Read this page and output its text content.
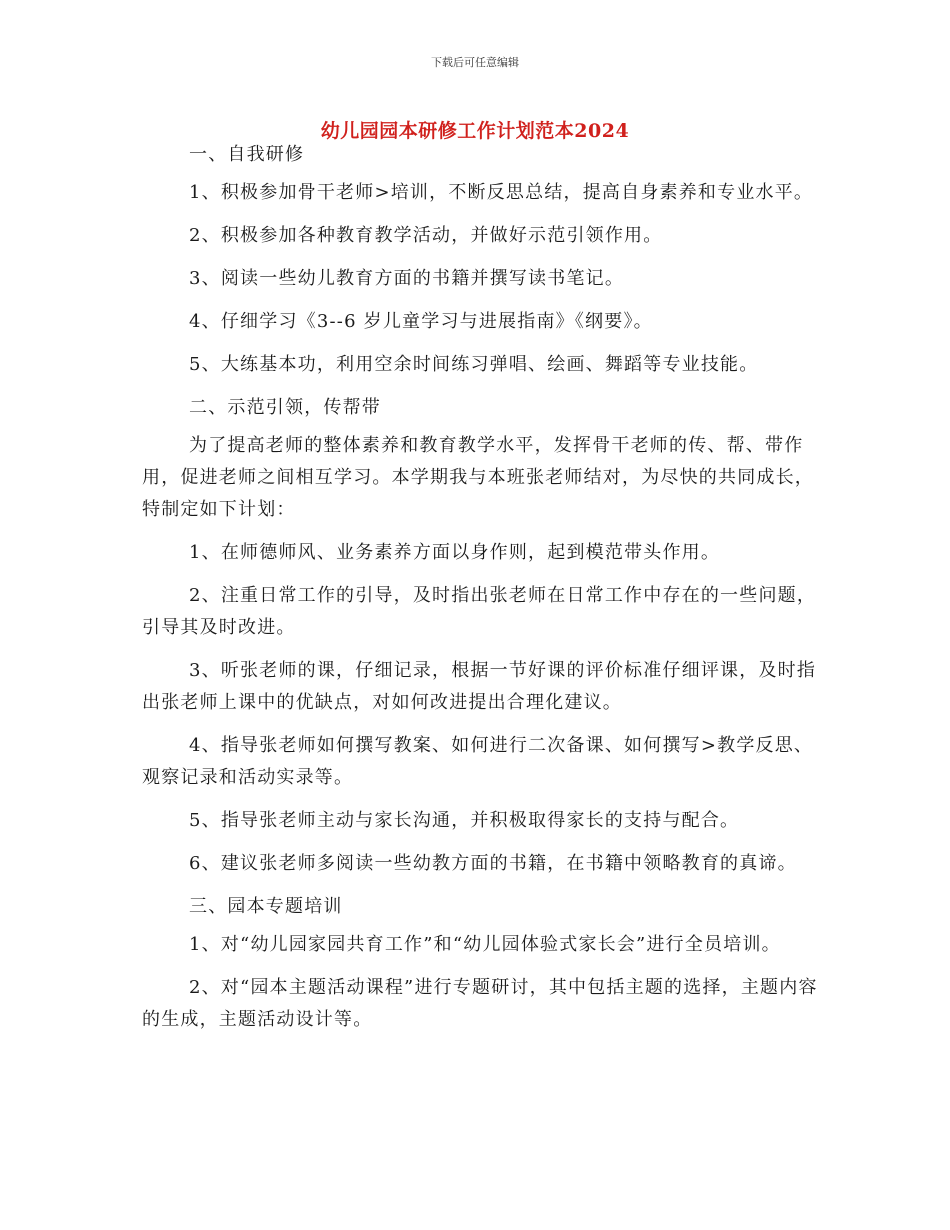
下载后可任意编辑
幼儿园园本研修工作计划范本2024

一、自我研修

1、积极参加骨干老师>培训，不断反思总结，提高自身素养和专业水平。

2、积极参加各种教育教学活动，并做好示范引领作用。

3、阅读一些幼儿教育方面的书籍并撰写读书笔记。

4、仔细学习《3--6 岁儿童学习与进展指南》《纲要》。

5、大练基本功，利用空余时间练习弹唱、绘画、舞蹈等专业技能。

二、示范引领，传帮带

为了提高老师的整体素养和教育教学水平，发挥骨干老师的传、帮、带作用，促进老师之间相互学习。本学期我与本班张老师结对，为尽快的共同成长，特制定如下计划：

1、在师德师风、业务素养方面以身作则，起到模范带头作用。

2、注重日常工作的引导，及时指出张老师在日常工作中存在的一些问题，引导其及时改进。

3、听张老师的课，仔细记录，根据一节好课的评价标准仔细评课，及时指出张老师上课中的优缺点，对如何改进提出合理化建议。

4、指导张老师如何撰写教案、如何进行二次备课、如何撰写>教学反思、观察记录和活动实录等。

5、指导张老师主动与家长沟通，并积极取得家长的支持与配合。

6、建议张老师多阅读一些幼教方面的书籍，在书籍中领略教育的真谛。

三、园本专题培训

1、对“幼儿园家园共育工作”和“幼儿园体验式家长会”进行全员培训。

2、对“园本主题活动课程”进行专题研讨，其中包括主题的选择，主题内容的生成，主题活动设计等。
